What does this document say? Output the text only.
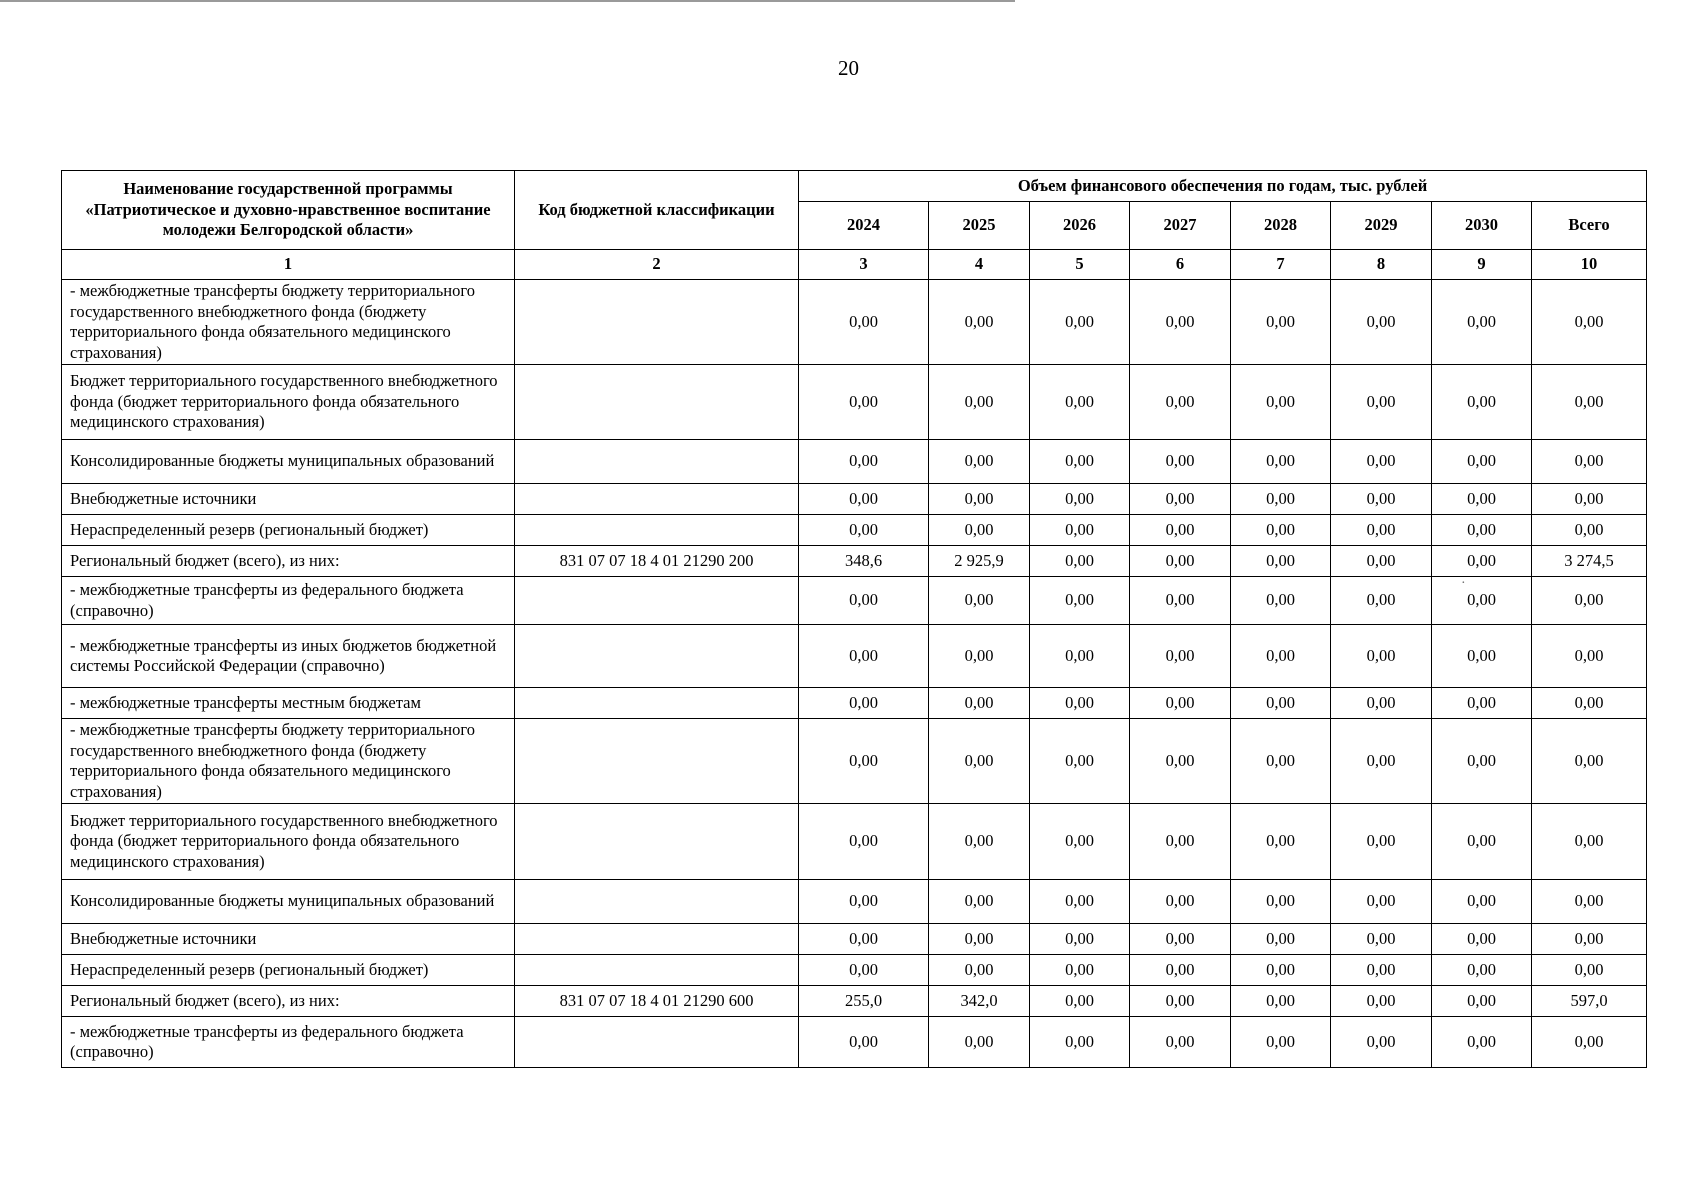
20
Наименование государственной программы «Патриотическое и духовно-нравственное воспитание молодежи Белгородской области»	Код бюджетной классификации	Объем финансового обеспечения по годам, тыс. рублей							
		2024	2025	2026	2027	2028	2029	2030	Всего
1	2	3	4	5	6	7	8	9	10
- межбюджетные трансферты бюджету территориального государственного внебюджетного фонда (бюджету территориального фонда обязательного медицинского страхования)		0,00	0,00	0,00	0,00	0,00	0,00	0,00	0,00
Бюджет территориального государственного внебюджетного фонда (бюджет территориального фонда обязательного медицинского страхования)		0,00	0,00	0,00	0,00	0,00	0,00	0,00	0,00
Консолидированные бюджеты муниципальных образований		0,00	0,00	0,00	0,00	0,00	0,00	0,00	0,00
Внебюджетные источники		0,00	0,00	0,00	0,00	0,00	0,00	0,00	0,00
Нераспределенный резерв (региональный бюджет)		0,00	0,00	0,00	0,00	0,00	0,00	0,00	0,00
Региональный бюджет (всего), из них:	831 07 07 18 4 01 21290 200	348,6	2 925,9	0,00	0,00	0,00	0,00	0,00	3 274,5
- межбюджетные трансферты из федерального бюджета (справочно)		0,00	0,00	0,00	0,00	0,00	0,00	0,00	0,00
- межбюджетные трансферты из иных бюджетов бюджетной системы Российской Федерации (справочно)		0,00	0,00	0,00	0,00	0,00	0,00	0,00	0,00
- межбюджетные трансферты местным бюджетам		0,00	0,00	0,00	0,00	0,00	0,00	0,00	0,00
- межбюджетные трансферты бюджету территориального государственного внебюджетного фонда (бюджету территориального фонда обязательного медицинского страхования)		0,00	0,00	0,00	0,00	0,00	0,00	0,00	0,00
Бюджет территориального государственного внебюджетного фонда (бюджет территориального фонда обязательного медицинского страхования)		0,00	0,00	0,00	0,00	0,00	0,00	0,00	0,00
Консолидированные бюджеты муниципальных образований		0,00	0,00	0,00	0,00	0,00	0,00	0,00	0,00
Внебюджетные источники		0,00	0,00	0,00	0,00	0,00	0,00	0,00	0,00
Нераспределенный резерв (региональный бюджет)		0,00	0,00	0,00	0,00	0,00	0,00	0,00	0,00
Региональный бюджет (всего), из них:	831 07 07 18 4 01 21290 600	255,0	342,0	0,00	0,00	0,00	0,00	0,00	597,0
- межбюджетные трансферты из федерального бюджета (справочно)		0,00	0,00	0,00	0,00	0,00	0,00	0,00	0,00
·
